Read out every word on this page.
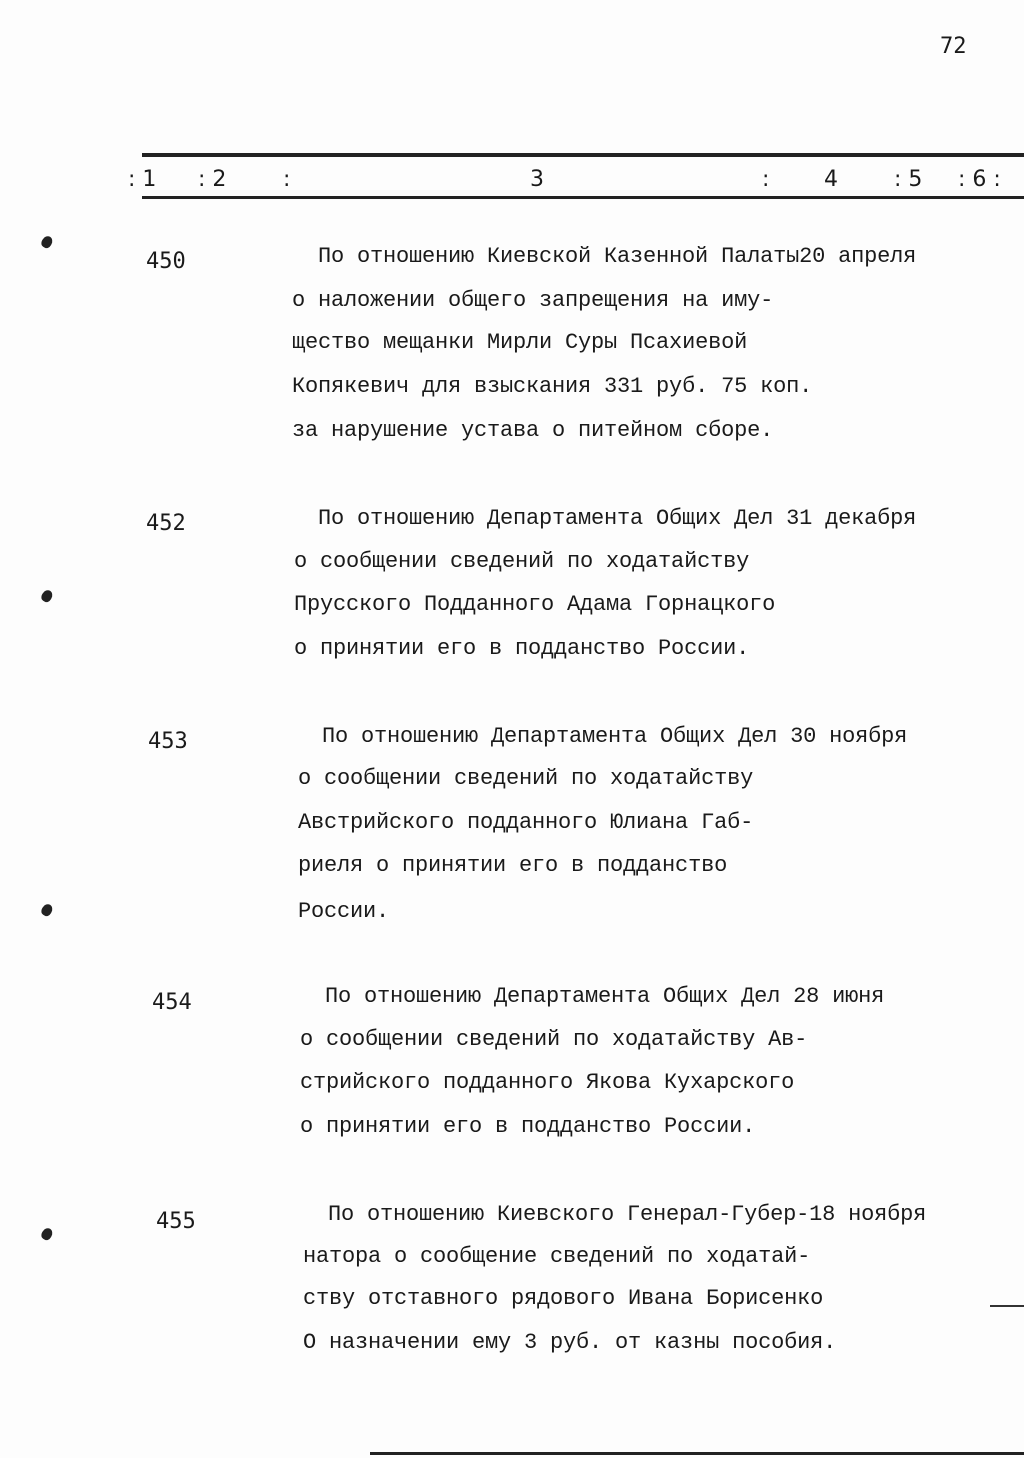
72
: 1 : 2	:	3	: 4	: 5 : 6 :
450	По отношению Киевской Казенной Палаты20 апреля
о наложении общего запрещения на иму-
щество мещанки Мирли Суры Псахиевой
Копякевич для взыскания 331 руб. 75 коп.
за нарушение устава о питейном сборе.
452	По отношению Департамента Общих Дел 31 декабря
о сообщении сведений по ходатайству
Прусского Подданного Адама Горнацкого
о принятии его в подданство России.
453	По отношению Департамента Общих Дел 30 ноября
о сообщении сведений по ходатайству
Австрийского подданного Юлиана Габ-
риеля о принятии его в подданство
России.
454	По отношению Департамента Общих Дел 28 июня
о сообщении сведений по ходатайству Ав-
стрийского подданного Якова Кухарского
о принятии его в подданство России.
455	По отношению Киевского Генерал-Губер-18 ноября
натора о сообщение сведений по ходатай-
ству отставного рядового Ивана Борисенко
О назначении ему 3 руб. от казны пособия.
